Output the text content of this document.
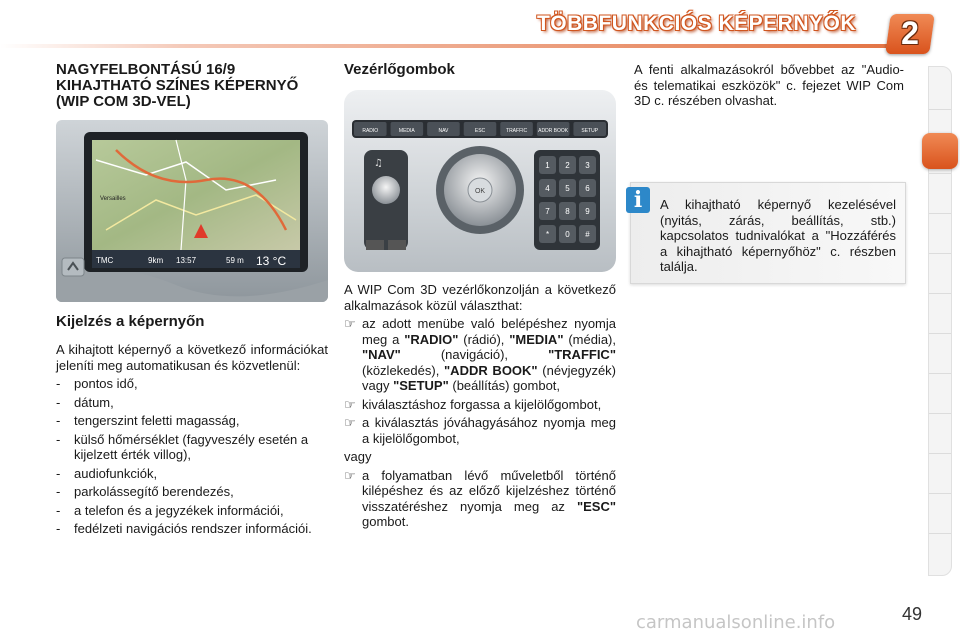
TÖBBFUNKCIÓS KÉPERNYŐK	2
NAGYFELBONTÁSÚ 16/9 KIHAJTHATÓ SZÍNES KÉPERNYŐ (WIP COM 3D-VEL)
Versailles
TMC	9km 13:57	59 m 13 °C
Kijelzés a képernyőn

A kihajtott képernyő a következő információkat jeleníti meg automatikusan és közvetlenül:

- pontos idő,
- dátum,
- tengerszint feletti magasság,
- külső hőmérséklet (fagyveszély esetén a kijelzett érték villog),
- audiofunkciók,
- parkolássegítő berendezés,
- a telefon és a jegyzékek információi,
- fedélzeti navigációs rendszer információi.
Vezérlőgombok
RADIO	MEDIA	NAV	ESC	TRAFFIC ADDR BOOK	SETUP
OK
♫	1 2 3
4 5 6
7 8 9
* 0 #

A WIP Com 3D vezérlőkonzolján a következő alkalmazások közül választhat:

☞ az adott menübe való belépéshez nyomja meg a "RADIO" (rádió), "MEDIA" (média), "NAV" (navigáció), "TRAFFIC" (közlekedés), "ADDR BOOK" (névjegyzék) vagy "SETUP" (beállítás) gombot,
☞ kiválasztáshoz forgassa a kijelölőgombot,
☞ a kiválasztás jóváhagyásához nyomja meg a kijelölőgombot,

vagy

☞ a folyamatban lévő műveletből történő kilépéshez és az előző kijelzéshez történő visszatéréshez nyomja meg az "ESC" gombot.

A fenti alkalmazásokról bővebbet az "Audio- és telematikai eszközök" c. fejezet WIP Com 3D c. részében olvashat.

i	A kihajtható képernyő kezelésével (nyitás, zárás, beállítás, stb.) kapcsolatos tudnivalókat a "Hozzáférés a kihajtható képernyőhöz" c. részben találja.
carmanualsonline.info	49
